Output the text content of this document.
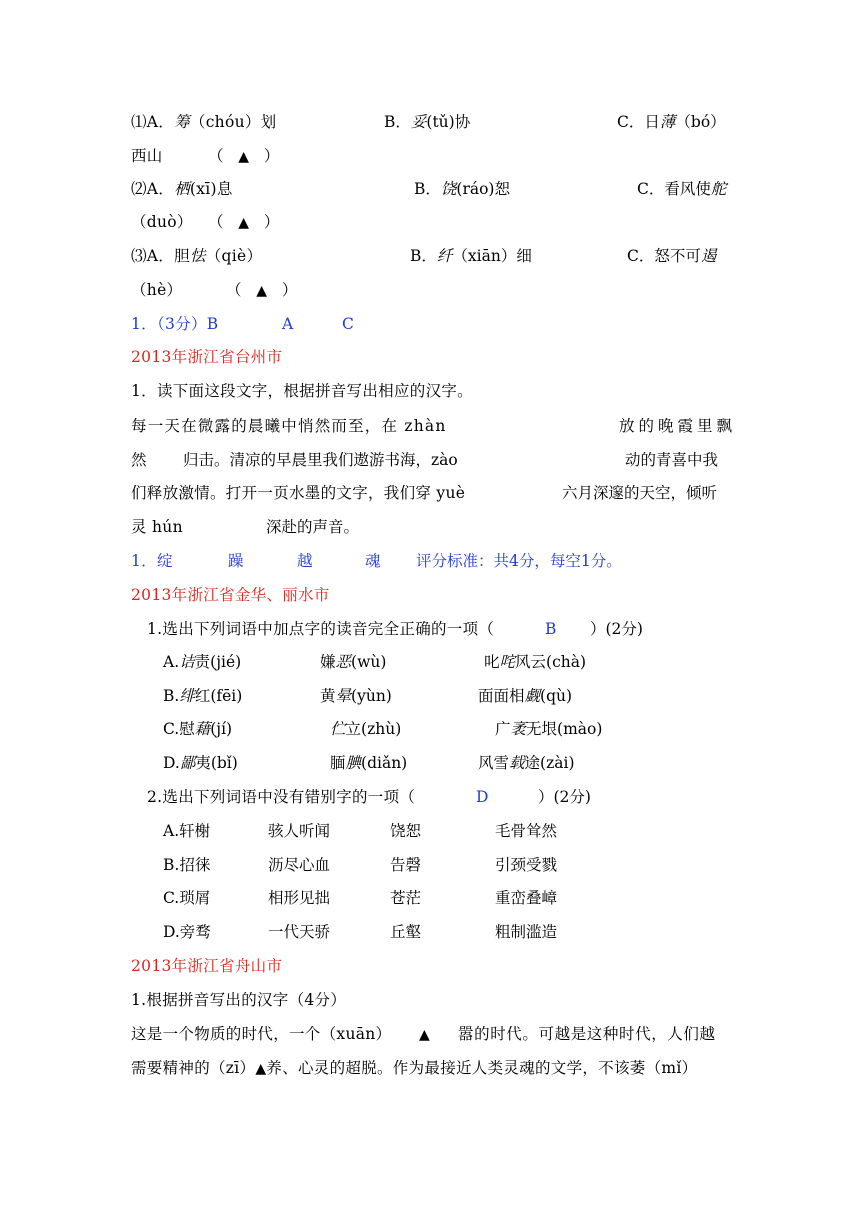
⑴A．筹（chóu）划	B．妥(tǔ)协	C．日薄（bó）
西山	（ ▲ ）
⑵A．栖(xī)息	B．饶(ráo)恕	C．看风使舵
（duò） （ ▲ ）
⑶A．胆怯（qiè）	B．纤（xiān）细	C．怒不可遏
（hè）	（ ▲ ）
1．（3分）B	A	C
2013年浙江省台州市
1．读下面这段文字，根据拼音写出相应的汉字。
每一天在微露的晨曦中悄然而至，在 zhàn	放的晚霞里飘
然	归击。清凉的早晨里我们遨游书海，zào	动的青喜中我
们释放激情。打开一页水墨的文字，我们穿 yuè	六月深邃的天空，倾听
灵 hún	深赴的声音。
1．绽	躁	越	魂 评分标准：共4分，每空1分。
2013年浙江省金华、丽水市
1.选出下列词语中加点字的读音完全正确的一项（	B ）(2分)
A.诘责(jié)	嫌恶(wù)	叱咤风云(chà)
B.绯红(fēi)	黄晕(yùn)	面面相觑(qù)
C.慰藉(jí)	伫立(zhù)	广袤无垠(mào)
D.鄙夷(bǐ)	腼腆(diǎn)	风雪载途(zài)
2.选出下列词语中没有错别字的一项（	D	）(2分)
A.轩榭	骇人听闻	饶恕	毛骨耸然
B.招徕	沥尽心血	告磬	引颈受戮
C.琐屑	相形见拙	苍茫	重峦叠嶂
D.旁骛	一代天骄	丘壑	粗制滥造
2013年浙江省舟山市
1.根据拼音写出的汉字（4分）
这是一个物质的时代，一个（xuān）	▲ 嚣的时代。可越是这种时代，人们越
需要精神的（zī）▲养、心灵的超脱。作为最接近人类灵魂的文学，不该萎（mǐ）
